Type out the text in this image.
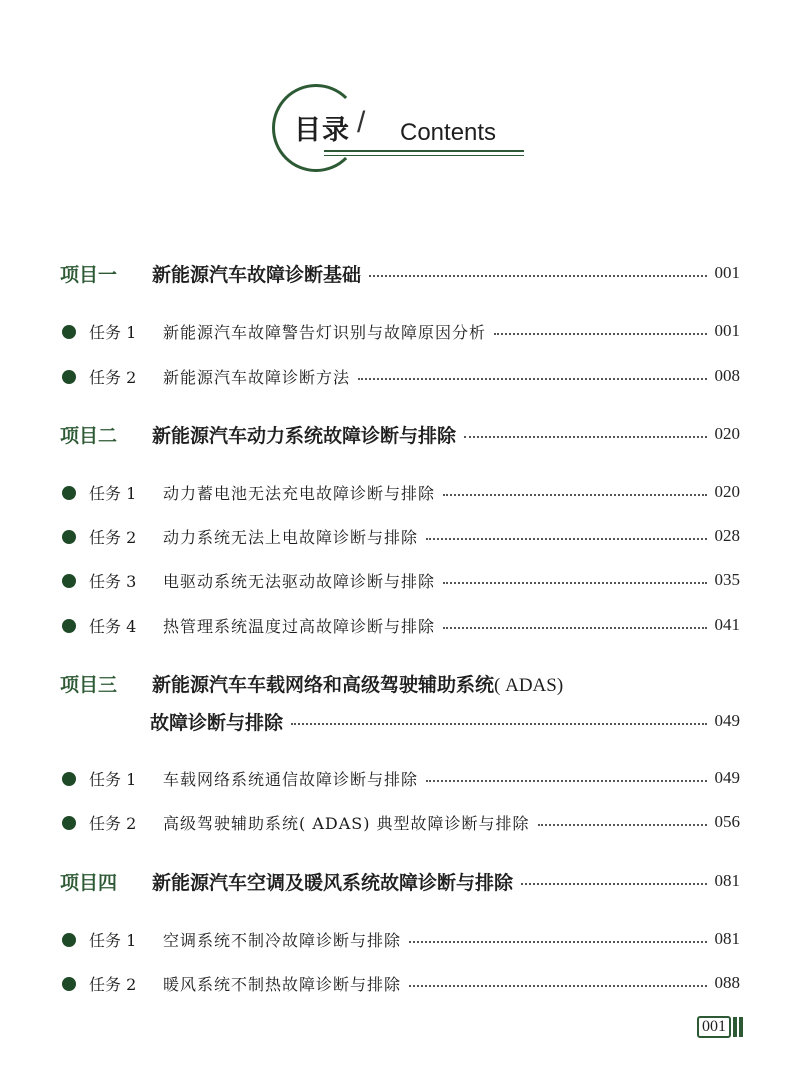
目录 / Contents
项目一 新能源汽车故障诊断基础	001
任务 1 新能源汽车故障警告灯识别与故障原因分析	001
任务 2 新能源汽车故障诊断方法	008
项目二 新能源汽车动力系统故障诊断与排除	020
任务 1 动力蓄电池无法充电故障诊断与排除	020
任务 2 动力系统无法上电故障诊断与排除	028
任务 3 电驱动系统无法驱动故障诊断与排除	035
任务 4 热管理系统温度过高故障诊断与排除	041
项目三 新能源汽车车载网络和高级驾驶辅助系统( ADAS)
故障诊断与排除	049
任务 1 车载网络系统通信故障诊断与排除	049
任务 2 高级驾驶辅助系统( ADAS) 典型故障诊断与排除	056
项目四 新能源汽车空调及暖风系统故障诊断与排除	081
任务 1 空调系统不制冷故障诊断与排除	081
任务 2 暖风系统不制热故障诊断与排除	088
001
